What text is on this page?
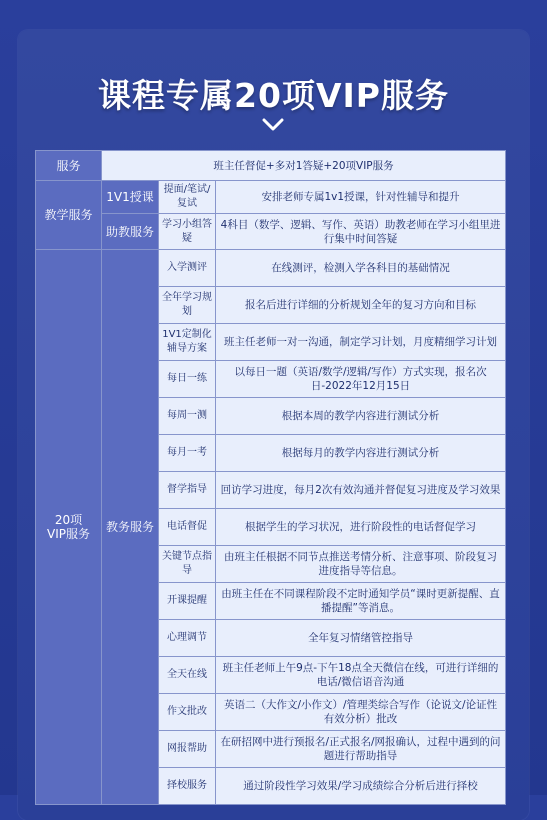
课程专属20项VIP服务
服务	班主任督促+多对1答疑+20项VIP服务		
教学服务	1V1授课	提面/笔试/复试	安排老师专属1v1授课，针对性辅导和提升
	助教服务	学习小组答疑	4科目（数学、逻辑、写作、英语）助教老师在学习小组里进行集中时间答疑
20项
VIP服务	教务服务	入学测评	在线测评，检测入学各科目的基础情况
		全年学习规划	报名后进行详细的分析规划全年的复习方向和目标
		1V1定制化辅导方案	班主任老师一对一沟通，制定学习计划，月度精细学习计划
		每日一练	以每日一题（英语/数学/逻辑/写作）方式实现，报名次日-2022年12月15日
		每周一测	根据本周的教学内容进行测试分析
		每月一考	根据每月的教学内容进行测试分析
		督学指导	回访学习进度，每月2次有效沟通并督促复习进度及学习效果
		电话督促	根据学生的学习状况，进行阶段性的电话督促学习
		关键节点指导	由班主任根据不同节点推送考情分析、注意事项、阶段复习进度指导等信息。
		开课提醒	由班主任在不同课程阶段不定时通知学员“课时更新提醒、直播提醒”等消息。
		心理调节	全年复习情绪管控指导
		全天在线	班主任老师上午9点-下午18点全天微信在线，可进行详细的电话/微信语音沟通
		作文批改	英语二（大作文/小作文）/管理类综合写作（论说文/论证性有效分析）批改
		网报帮助	在研招网中进行预报名/正式报名/网报确认，过程中遇到的问题进行帮助指导
		择校服务	通过阶段性学习效果/学习成绩综合分析后进行择校
